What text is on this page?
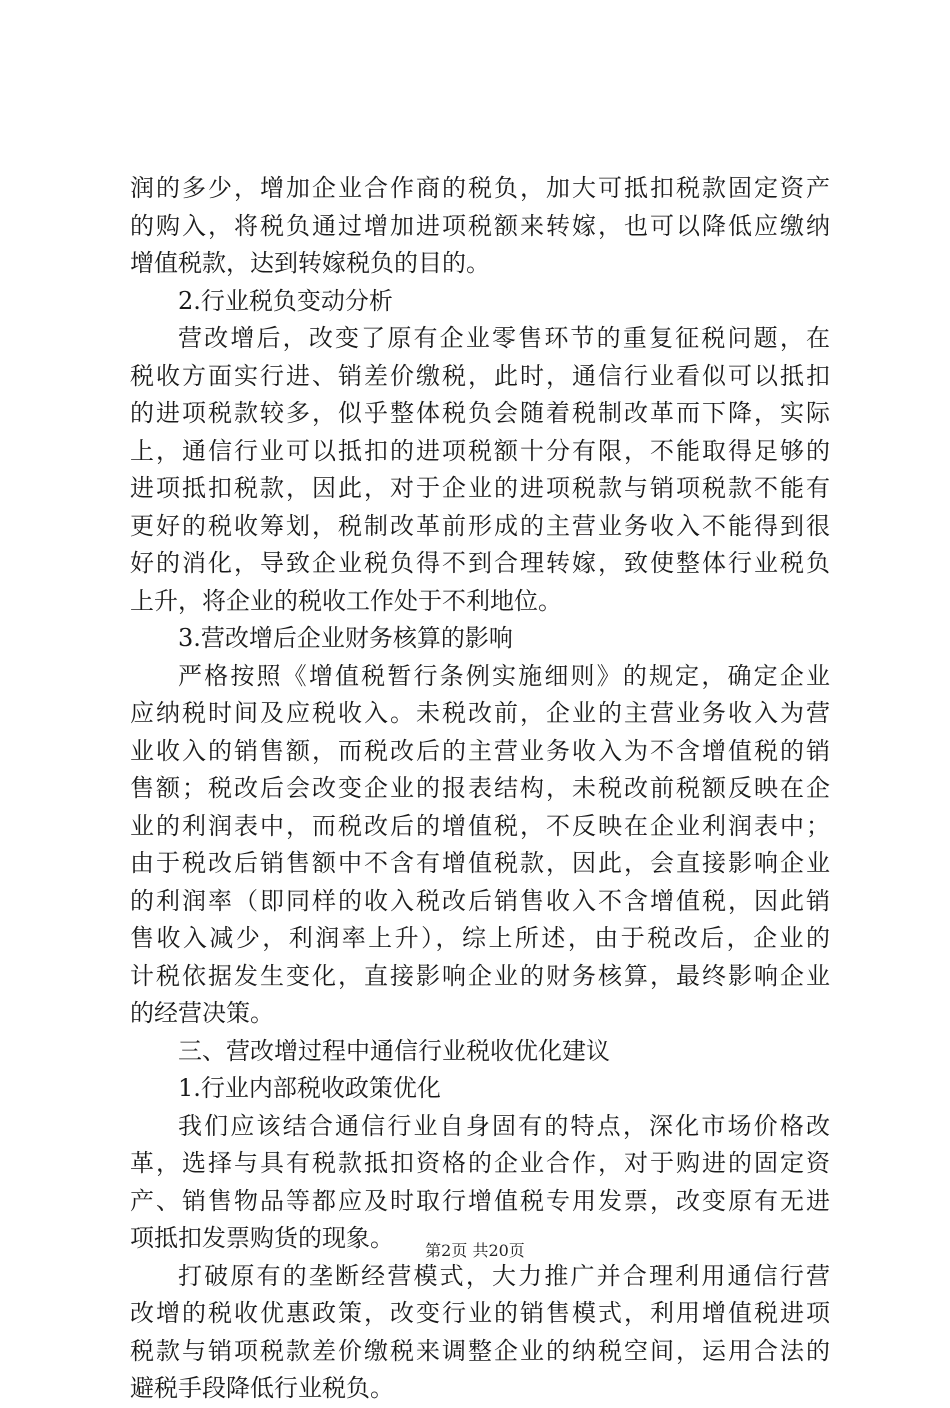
润的多少，增加企业合作商的税负，加大可抵扣税款固定资产
的购入，将税负通过增加进项税额来转嫁，也可以降低应缴纳
增值税款，达到转嫁税负的目的。
2.行业税负变动分析
营改增后，改变了原有企业零售环节的重复征税问题，在
税收方面实行进、销差价缴税，此时，通信行业看似可以抵扣
的进项税款较多，似乎整体税负会随着税制改革而下降，实际
上，通信行业可以抵扣的进项税额十分有限，不能取得足够的
进项抵扣税款，因此，对于企业的进项税款与销项税款不能有
更好的税收筹划，税制改革前形成的主营业务收入不能得到很
好的消化，导致企业税负得不到合理转嫁，致使整体行业税负
上升，将企业的税收工作处于不利地位。
3.营改增后企业财务核算的影响
严格按照《增值税暂行条例实施细则》的规定，确定企业
应纳税时间及应税收入。未税改前，企业的主营业务收入为营
业收入的销售额，而税改后的主营业务收入为不含增值税的销
售额；税改后会改变企业的报表结构，未税改前税额反映在企
业的利润表中，而税改后的增值税，不反映在企业利润表中；
由于税改后销售额中不含有增值税款，因此，会直接影响企业
的利润率（即同样的收入税改后销售收入不含增值税，因此销
售收入减少，利润率上升），综上所述，由于税改后，企业的
计税依据发生变化，直接影响企业的财务核算，最终影响企业
的经营决策。
三、营改增过程中通信行业税收优化建议
1.行业内部税收政策优化
我们应该结合通信行业自身固有的特点，深化市场价格改
革，选择与具有税款抵扣资格的企业合作，对于购进的固定资
产、销售物品等都应及时取行增值税专用发票，改变原有无进
项抵扣发票购货的现象。
打破原有的垄断经营模式，大力推广并合理利用通信行营
改增的税收优惠政策，改变行业的销售模式，利用增值税进项
税款与销项税款差价缴税来调整企业的纳税空间，运用合法的
避税手段降低行业税负。
第2页 共20页
